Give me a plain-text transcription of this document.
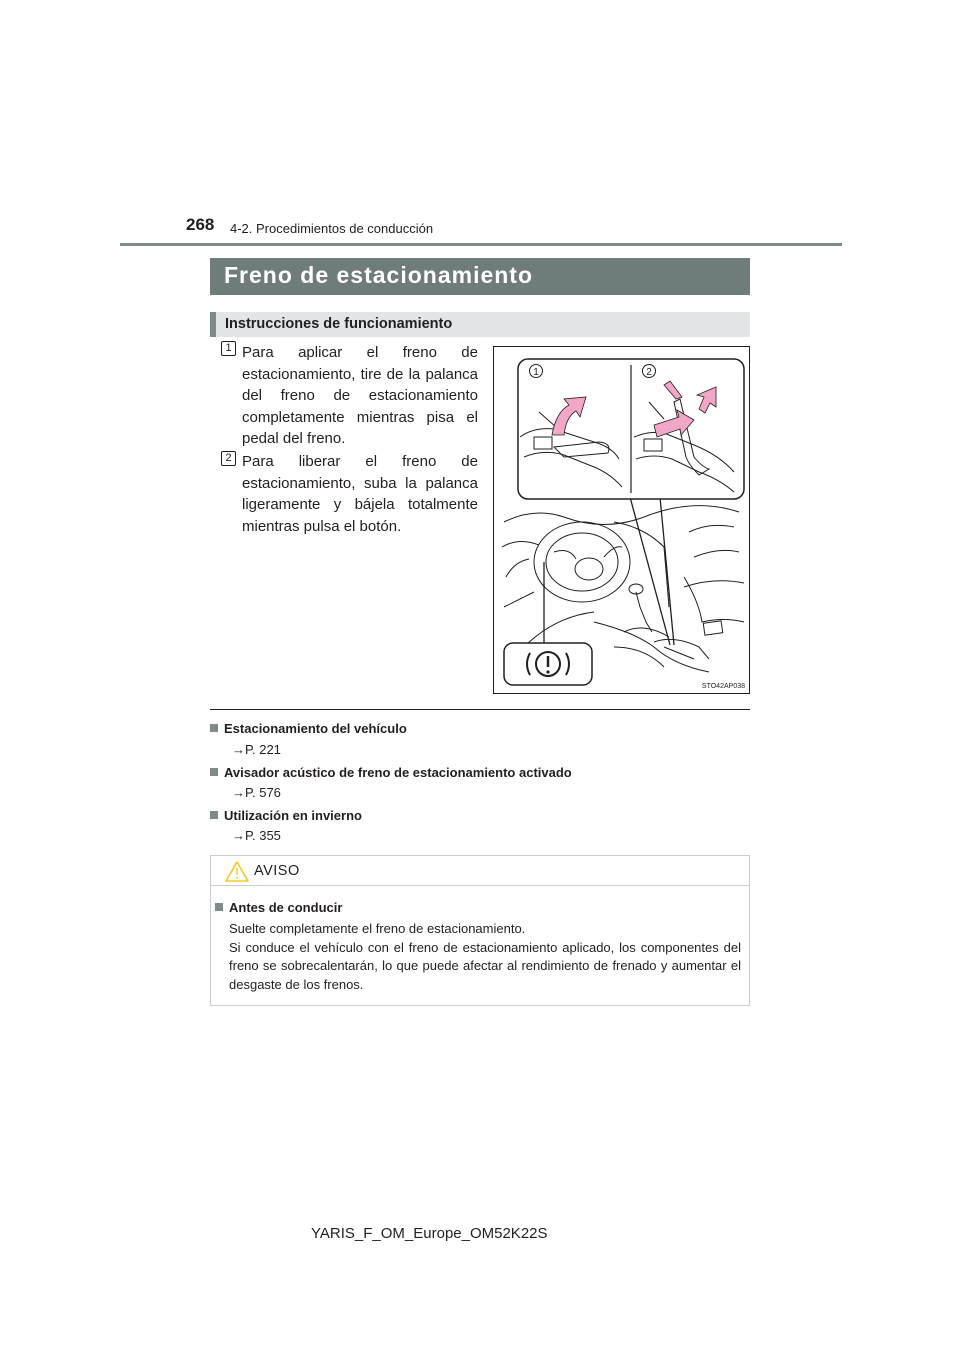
268 4-2. Procedimientos de conducción
Freno de estacionamiento
Instrucciones de funcionamiento
1 Para aplicar el freno de estacionamiento, tire de la palanca del freno de estacionamiento completamente mientras pisa el pedal del freno.
2 Para liberar el freno de estacionamiento, suba la palanca ligeramente y bájela totalmente mientras pulsa el botón.
1	2
STO42AP038
Estacionamiento del vehículo
→P. 221
Avisador acústico de freno de estacionamiento activado
→P. 576
Utilización en invierno
→P. 355
AVISO
Antes de conducir

Suelte completamente el freno de estacionamiento.

Si conduce el vehículo con el freno de estacionamiento aplicado, los componentes del freno se sobrecalentarán, lo que puede afectar al rendimiento de frenado y aumentar el desgaste de los frenos.

YARIS_F_OM_Europe_OM52K22S
